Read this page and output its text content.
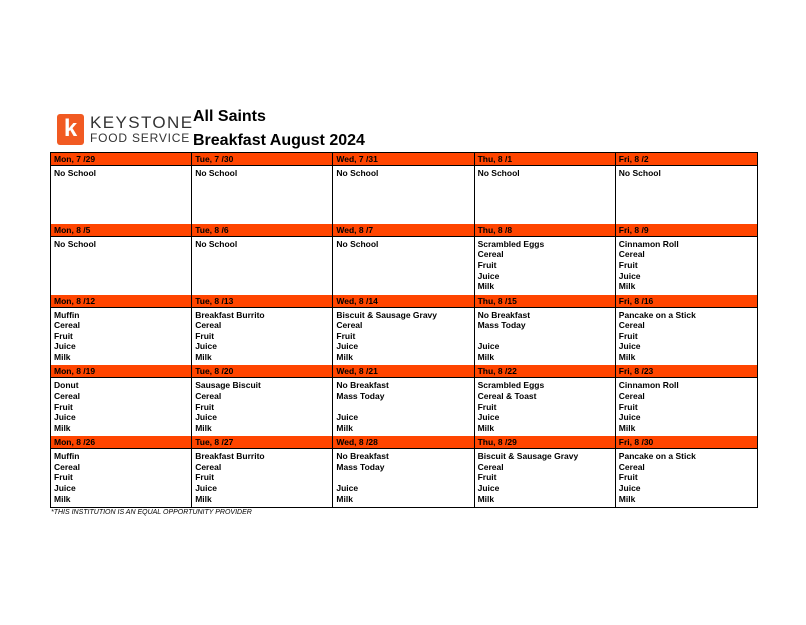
k KEYSTONE
FOOD SERVICE
All Saints
Breakfast August 2024
Mon, 7 /29
No School
Tue, 7 /30
No School
Wed, 7 /31
No School
Thu, 8 /1
No School
Fri, 8 /2
No School
Mon, 8 /5
No School
Tue, 8 /6
No School
Wed, 8 /7
No School
Thu, 8 /8
Scrambled Eggs
Cereal
Fruit
Juice
Milk
Fri, 8 /9
Cinnamon Roll
Cereal
Fruit
Juice
Milk
Mon, 8 /12
Muffin
Cereal
Fruit
Juice
Milk
Tue, 8 /13
Breakfast Burrito
Cereal
Fruit
Juice
Milk
Wed, 8 /14
Biscuit & Sausage Gravy
Cereal
Fruit
Juice
Milk
Thu, 8 /15
No Breakfast
Mass Today
Juice
Milk
Fri, 8 /16
Pancake on a Stick
Cereal
Fruit
Juice
Milk
Mon, 8 /19
Donut
Cereal
Fruit
Juice
Milk
Tue, 8 /20
Sausage Biscuit
Cereal
Fruit
Juice
Milk
Wed, 8 /21
No Breakfast
Mass Today
Juice
Milk
Thu, 8 /22
Scrambled Eggs
Cereal & Toast
Fruit
Juice
Milk
Fri, 8 /23
Cinnamon Roll
Cereal
Fruit
Juice
Milk
Mon, 8 /26
Muffin
Cereal
Fruit
Juice
Milk
Tue, 8 /27
Breakfast Burrito
Cereal
Fruit
Juice
Milk
Wed, 8 /28
No Breakfast
Mass Today
Juice
Milk
Thu, 8 /29
Biscuit & Sausage Gravy
Cereal
Fruit
Juice
Milk
Fri, 8 /30
Pancake on a Stick
Cereal
Fruit
Juice
Milk
*THIS INSTITUTION IS AN EQUAL OPPORTUNITY PROVIDER
